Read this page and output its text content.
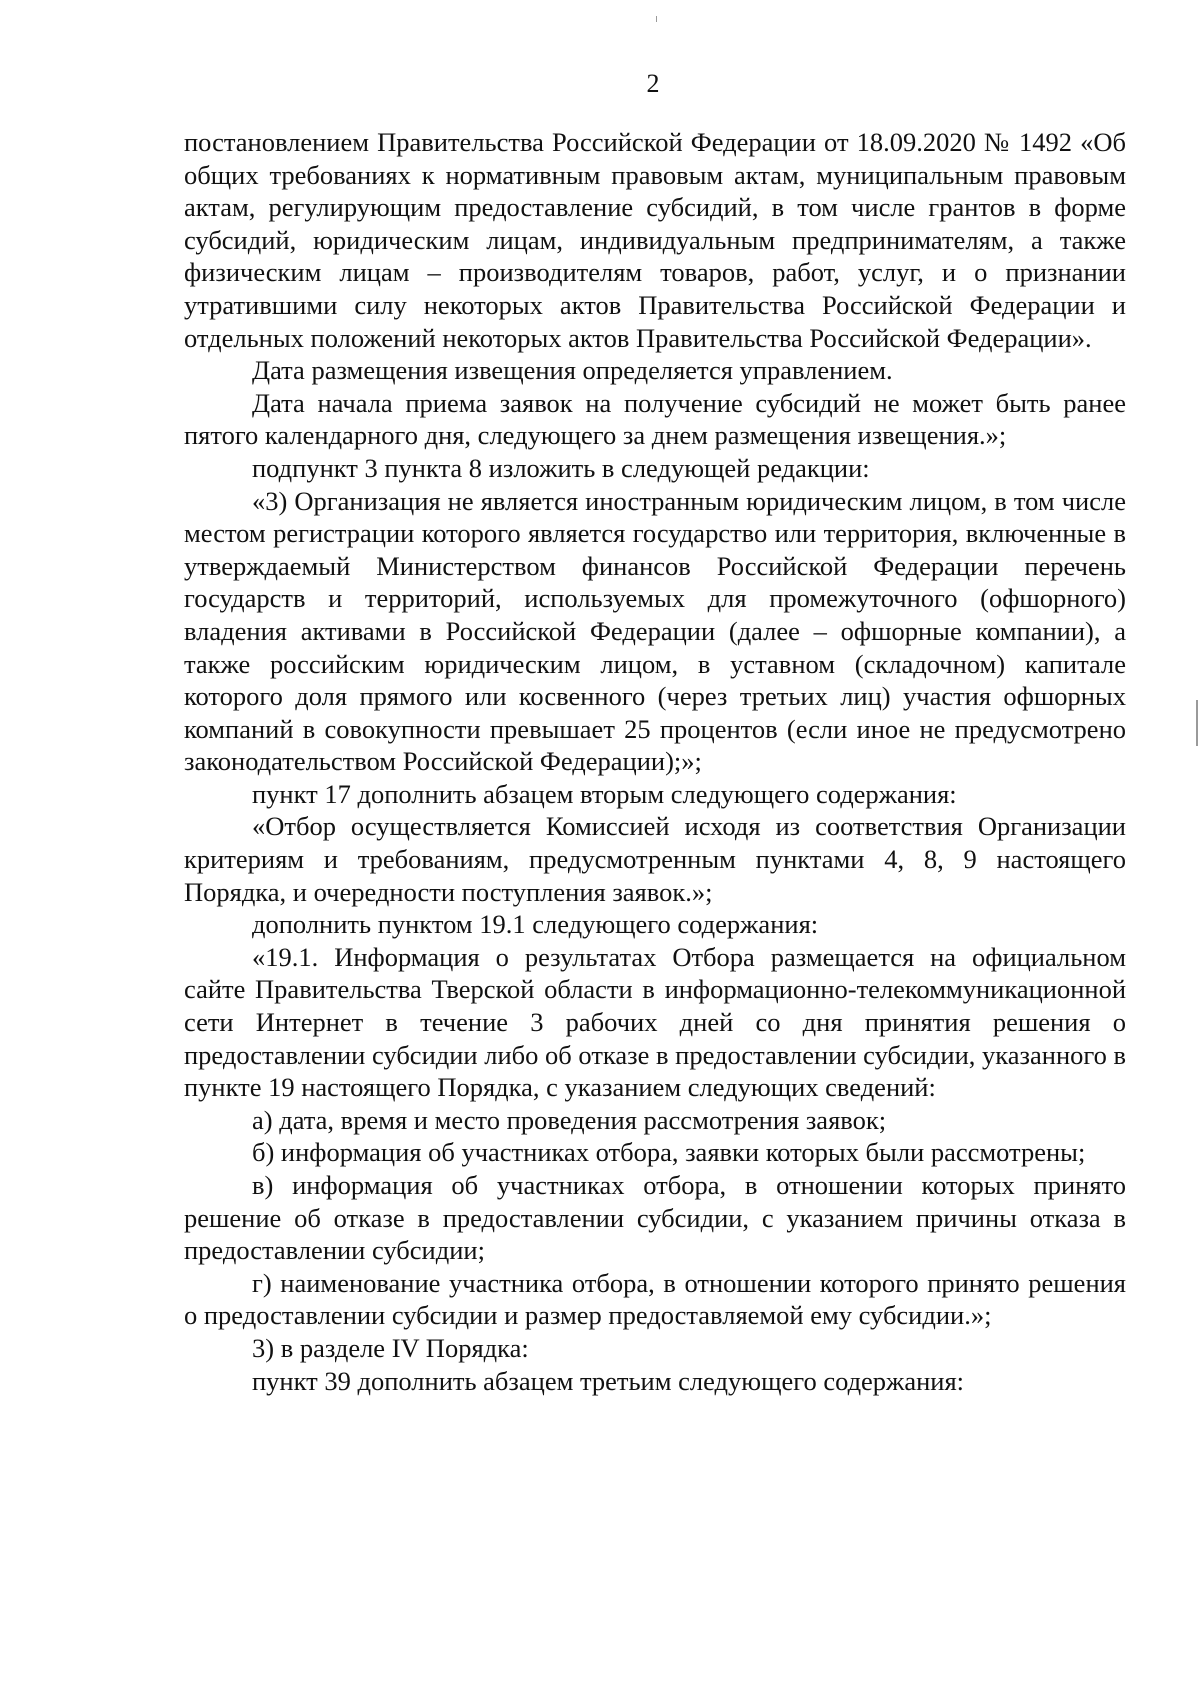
2

постановлением Правительства Российской Федерации от 18.09.2020 № 1492 «Об общих требованиях к нормативным правовым актам, муниципальным правовым актам, регулирующим предоставление субсидий, в том числе грантов в форме субсидий, юридическим лицам, индивидуальным предпринимателям, а также физическим лицам – производителям товаров, работ, услуг, и о признании утратившими силу некоторых актов Правительства Российской Федерации и отдельных положений некоторых актов Правительства Российской Федерации».

Дата размещения извещения определяется управлением.

Дата начала приема заявок на получение субсидий не может быть ранее пятого календарного дня, следующего за днем размещения извещения.»;

подпункт 3 пункта 8 изложить в следующей редакции:

«3) Организация не является иностранным юридическим лицом, в том числе местом регистрации которого является государство или территория, включенные в утверждаемый Министерством финансов Российской Федерации перечень государств и территорий, используемых для промежуточного (офшорного) владения активами в Российской Федерации (далее – офшорные компании), а также российским юридическим лицом, в уставном (складочном) капитале которого доля прямого или косвенного (через третьих лиц) участия офшорных компаний в совокупности превышает 25 процентов (если иное не предусмотрено законодательством Российской Федерации);»;

пункт 17 дополнить абзацем вторым следующего содержания:

«Отбор осуществляется Комиссией исходя из соответствия Организации критериям и требованиям, предусмотренным пунктами 4, 8, 9 настоящего Порядка, и очередности поступления заявок.»;

дополнить пунктом 19.1 следующего содержания:

«19.1. Информация о результатах Отбора размещается на официальном сайте Правительства Тверской области в информационно-телекоммуникационной сети Интернет в течение 3 рабочих дней со дня принятия решения о предоставлении субсидии либо об отказе в предоставлении субсидии, указанного в пункте 19 настоящего Порядка, с указанием следующих сведений:

а) дата, время и место проведения рассмотрения заявок;

б) информация об участниках отбора, заявки которых были рассмотрены;

в) информация об участниках отбора, в отношении которых принято решение об отказе в предоставлении субсидии, с указанием причины отказа в предоставлении субсидии;

г) наименование участника отбора, в отношении которого принято решения о предоставлении субсидии и размер предоставляемой ему субсидии.»;

3) в разделе IV Порядка:

пункт 39 дополнить абзацем третьим следующего содержания:
